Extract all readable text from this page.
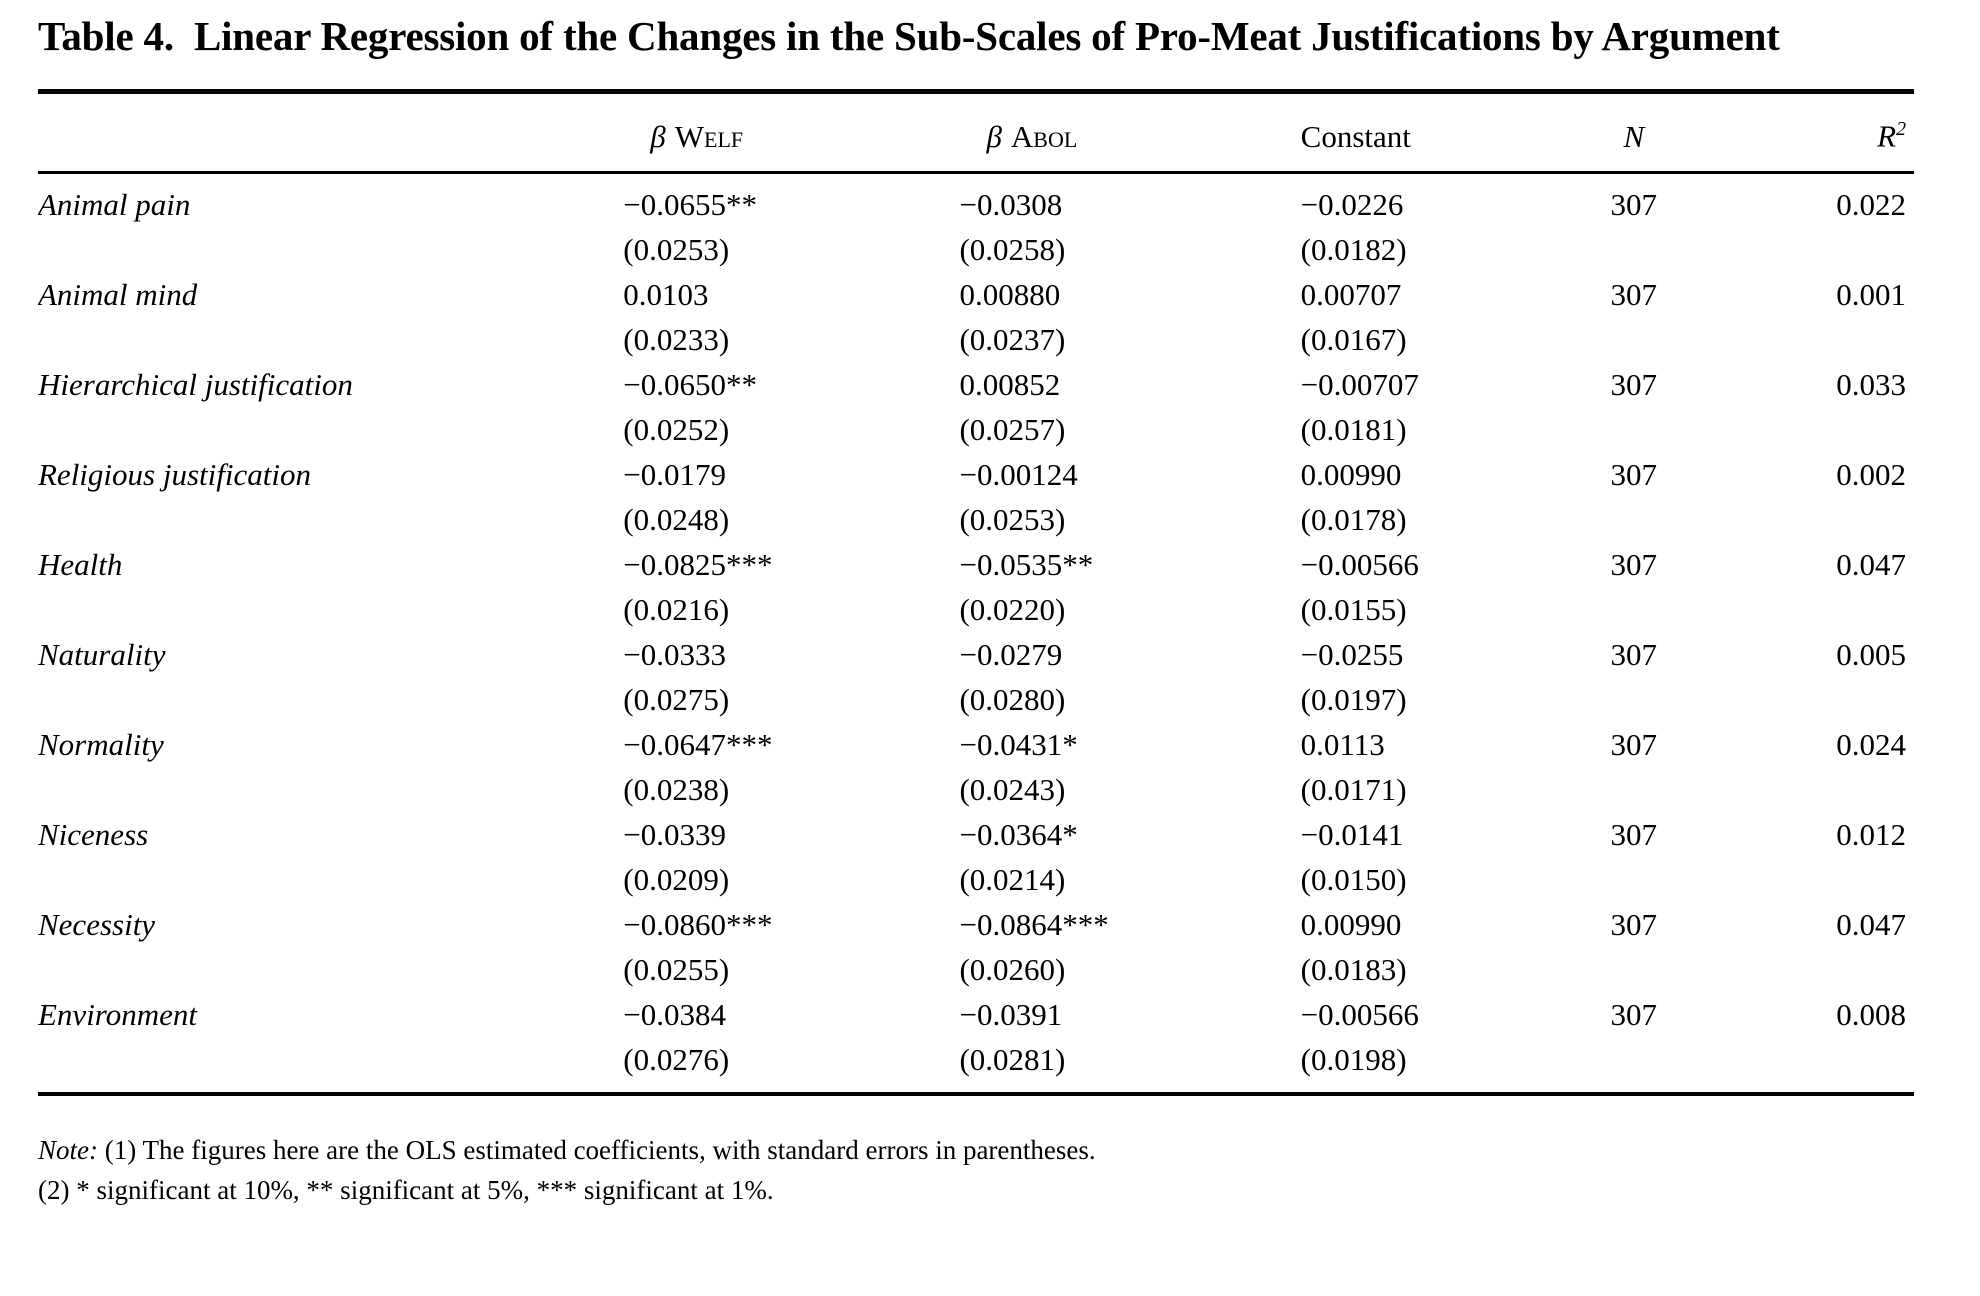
Table 4.  Linear Regression of the Changes in the Sub-Scales of Pro-Meat Justifications by Argument
	β Welf	β Abol	Constant	N	$R^2$
Animal pain	−0.0655**	−0.0308	−0.0226	307	0.022
	(0.0253)	(0.0258)	(0.0182)		
Animal mind	0.0103	0.00880	0.00707	307	0.001
	(0.0233)	(0.0237)	(0.0167)		
Hierarchical justification	−0.0650**	0.00852	−0.00707	307	0.033
	(0.0252)	(0.0257)	(0.0181)		
Religious justification	−0.0179	−0.00124	0.00990	307	0.002
	(0.0248)	(0.0253)	(0.0178)		
Health	−0.0825***	−0.0535**	−0.00566	307	0.047
	(0.0216)	(0.0220)	(0.0155)		
Naturality	−0.0333	−0.0279	−0.0255	307	0.005
	(0.0275)	(0.0280)	(0.0197)		
Normality	−0.0647***	−0.0431*	0.0113	307	0.024
	(0.0238)	(0.0243)	(0.0171)		
Niceness	−0.0339	−0.0364*	−0.0141	307	0.012
	(0.0209)	(0.0214)	(0.0150)		
Necessity	−0.0860***	−0.0864***	0.00990	307	0.047
	(0.0255)	(0.0260)	(0.0183)		
Environment	−0.0384	−0.0391	−0.00566	307	0.008
	(0.0276)	(0.0281)	(0.0198)		
Note: (1) The figures here are the OLS estimated coefficients, with standard errors in parentheses.
(2) * significant at 10%, ** significant at 5%, *** significant at 1%.
